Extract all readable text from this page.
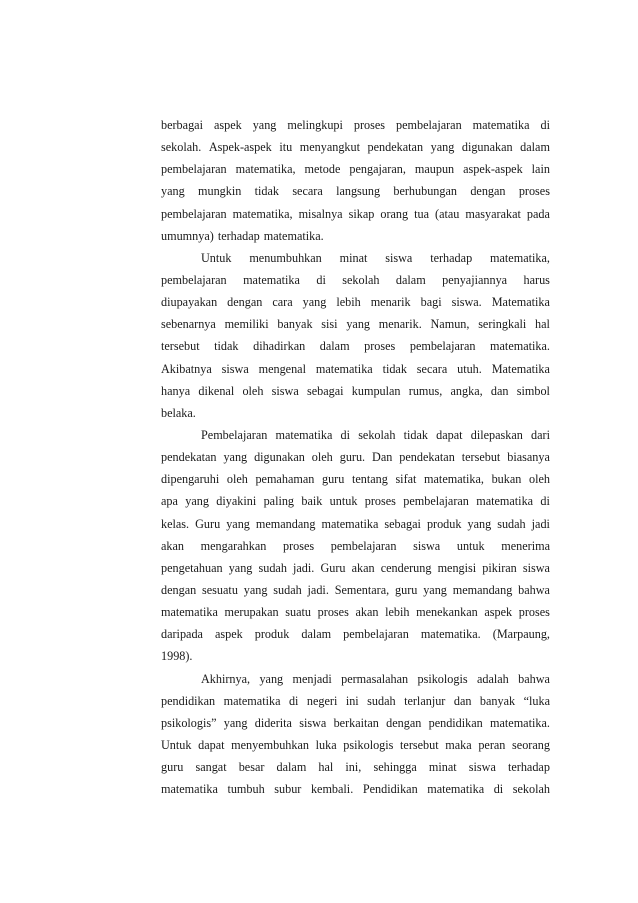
berbagai aspek yang melingkupi proses pembelajaran matematika di
sekolah. Aspek-aspek itu menyangkut pendekatan yang digunakan dalam
pembelajaran matematika, metode pengajaran, maupun aspek-aspek lain
yang mungkin tidak secara langsung berhubungan dengan proses
pembelajaran matematika, misalnya sikap orang tua (atau masyarakat pada
umumnya) terhadap matematika.
Untuk menumbuhkan minat siswa terhadap matematika,
pembelajaran matematika di sekolah dalam penyajiannya harus
diupayakan dengan cara yang lebih menarik bagi siswa. Matematika
sebenarnya memiliki banyak sisi yang menarik. Namun, seringkali hal
tersebut tidak dihadirkan dalam proses pembelajaran matematika.
Akibatnya siswa mengenal matematika tidak secara utuh. Matematika
hanya dikenal oleh siswa sebagai kumpulan rumus, angka, dan simbol
belaka.
Pembelajaran matematika di sekolah tidak dapat dilepaskan dari
pendekatan yang digunakan oleh guru. Dan pendekatan tersebut biasanya
dipengaruhi oleh pemahaman guru tentang sifat matematika, bukan oleh
apa yang diyakini paling baik untuk proses pembelajaran matematika di
kelas. Guru yang memandang matematika sebagai produk yang sudah jadi
akan mengarahkan proses pembelajaran siswa untuk menerima
pengetahuan yang sudah jadi. Guru akan cenderung mengisi pikiran siswa
dengan sesuatu yang sudah jadi. Sementara, guru yang memandang bahwa
matematika merupakan suatu proses akan lebih menekankan aspek proses
daripada aspek produk dalam pembelajaran matematika. (Marpaung,
1998).
Akhirnya, yang menjadi permasalahan psikologis adalah bahwa
pendidikan matematika di negeri ini sudah terlanjur dan banyak “luka
psikologis” yang diderita siswa berkaitan dengan pendidikan matematika.
Untuk dapat menyembuhkan luka psikologis tersebut maka peran seorang
guru sangat besar dalam hal ini, sehingga minat siswa terhadap
matematika tumbuh subur kembali. Pendidikan matematika di sekolah
